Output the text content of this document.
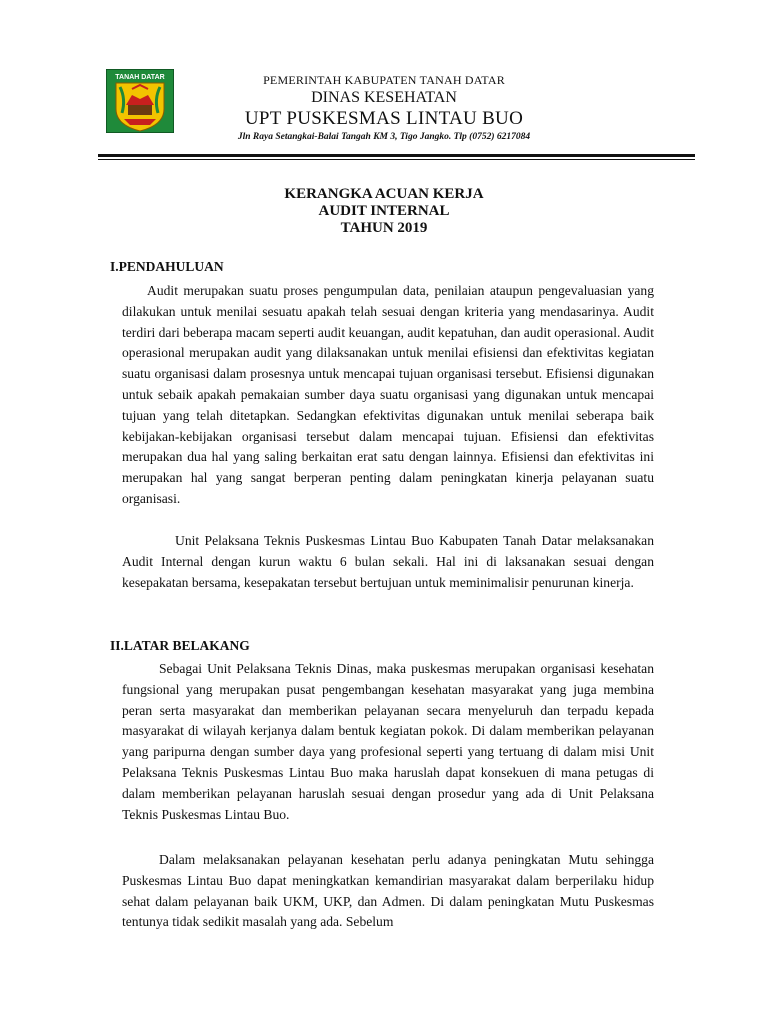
TANAH DATAR	PEMERINTAH KABUPATEN TANAH DATAR
DINAS KESEHATAN
UPT PUSKESMAS LINTAU BUO
Jln Raya Setangkai-Balai Tangah KM 3, Tigo Jangko. Tlp (0752) 6217084
KERANGKA ACUAN KERJA
AUDIT INTERNAL
TAHUN 2019
I.PENDAHULUAN

Audit merupakan suatu proses pengumpulan data, penilaian ataupun pengevaluasian yang dilakukan untuk menilai sesuatu apakah telah sesuai dengan kriteria yang mendasarinya. Audit terdiri dari beberapa macam seperti audit keuangan, audit kepatuhan, dan audit operasional. Audit operasional merupakan audit yang dilaksanakan untuk menilai efisiensi dan efektivitas kegiatan suatu organisasi dalam prosesnya untuk mencapai tujuan organisasi tersebut. Efisiensi digunakan untuk sebaik apakah pemakaian sumber daya suatu organisasi yang digunakan untuk mencapai tujuan yang telah ditetapkan. Sedangkan efektivitas digunakan untuk menilai seberapa baik kebijakan-kebijakan organisasi tersebut dalam mencapai tujuan. Efisiensi dan efektivitas merupakan dua hal yang saling berkaitan erat satu dengan lainnya. Efisiensi dan efektivitas ini merupakan hal yang sangat berperan penting dalam peningkatan kinerja pelayanan suatu organisasi.

Unit Pelaksana Teknis Puskesmas Lintau Buo Kabupaten Tanah Datar melaksanakan Audit Internal dengan kurun waktu 6 bulan sekali. Hal ini di laksanakan sesuai dengan kesepakatan bersama, kesepakatan tersebut bertujuan untuk meminimalisir penurunan kinerja.

II.LATAR BELAKANG

Sebagai Unit Pelaksana Teknis Dinas, maka puskesmas merupakan organisasi kesehatan fungsional yang merupakan pusat pengembangan kesehatan masyarakat yang juga membina peran serta masyarakat dan memberikan pelayanan secara menyeluruh dan terpadu kepada masyarakat di wilayah kerjanya dalam bentuk kegiatan pokok. Di dalam memberikan pelayanan yang paripurna dengan sumber daya yang profesional seperti yang tertuang di dalam misi Unit Pelaksana Teknis Puskesmas Lintau Buo maka haruslah dapat konsekuen di mana petugas di dalam memberikan pelayanan haruslah sesuai dengan prosedur yang ada di Unit Pelaksana Teknis Puskesmas Lintau Buo.

Dalam melaksanakan pelayanan kesehatan perlu adanya peningkatan Mutu sehingga Puskesmas Lintau Buo dapat meningkatkan kemandirian masyarakat dalam berperilaku hidup sehat dalam pelayanan baik UKM, UKP, dan Admen. Di dalam peningkatan Mutu Puskesmas tentunya tidak sedikit masalah yang ada. Sebelum
